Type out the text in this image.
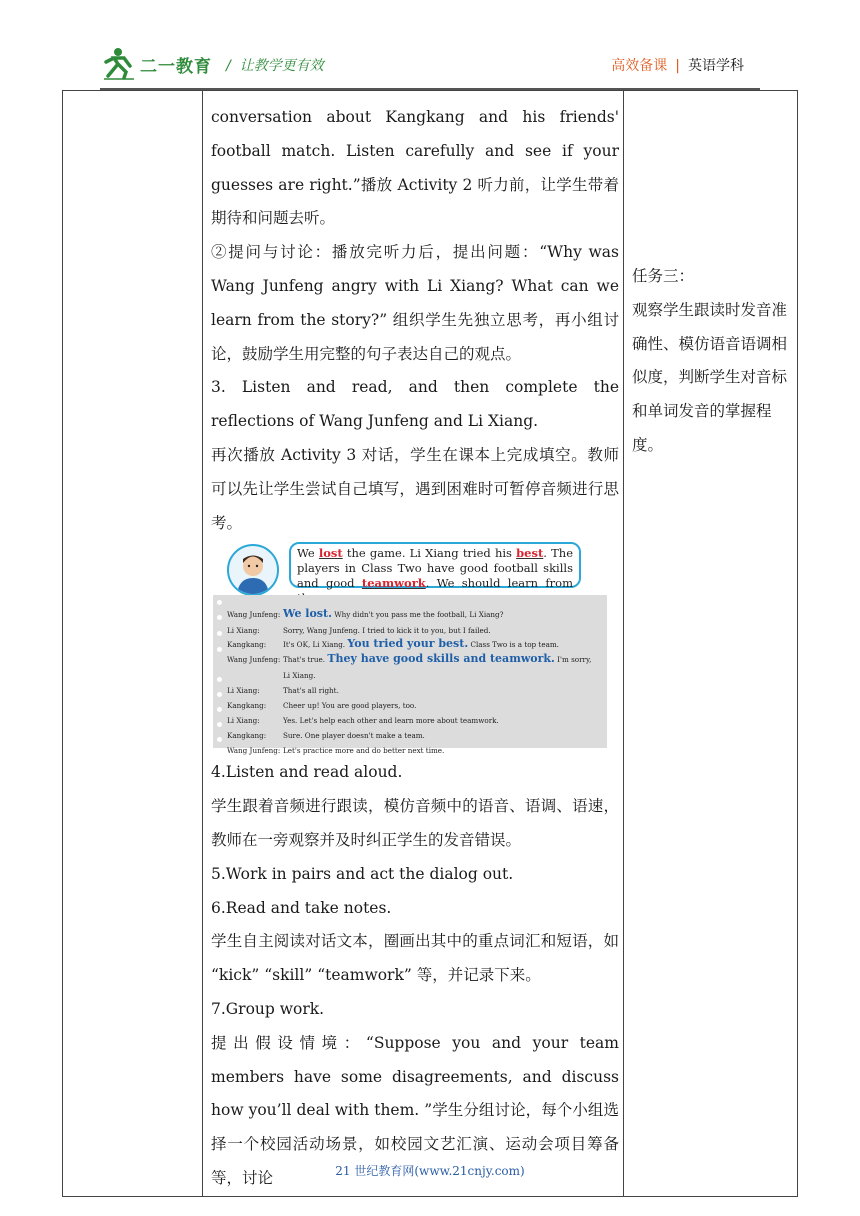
二一教育 /  让教学更有效	高效备课 | 英语学科

conversation about Kangkang and his friends' football match. Listen carefully and see if your guesses are right.”播放 Activity 2 听力前，让学生带着期待和问题去听。

②提问与讨论：播放完听力后，提出问题：“Why was Wang Junfeng angry with Li Xiang? What can we learn from the story?” 组织学生先独立思考，再小组讨论，鼓励学生用完整的句子表达自己的观点。

3. Listen and read, and then complete the reflections of Wang Junfeng and Li Xiang.

再次播放 Activity 3 对话，学生在课本上完成填空。教师可以先让学生尝试自己填写，遇到困难时可暂停音频进行思考。

We lost the game. Li Xiang tried his best. The players in Class Two have good football skills and good teamwork. We should learn from
Wang Junfeng: We lost. Why didn't you pass me the football, Li Xiang?
Li Xiang:	Sorry, Wang Junfeng. I tried to kick it to you, but I failed.
Kangkang: It's OK, Li Xiang. You tried your best. Class Two is a top team.
Wang Junfeng: That's true. They have good skills and teamwork. I'm sorry,
Li Xiang.
Li Xiang:	That's all right.
Kangkang: Cheer up! You are good players, too.
Li Xiang:	Yes. Let's help each other and learn more about teamwork.
Kangkang: Sure. One player doesn't make a team.
Wang Junfeng: Let's practice more and do better next time.

4.Listen and read aloud.

学生跟着音频进行跟读，模仿音频中的语音、语调、语速，教师在一旁观察并及时纠正学生的发音错误。

5.Work in pairs and act the dialog out.

6.Read and take notes.

学生自主阅读对话文本，圈画出其中的重点词汇和短语，如 “kick” “skill” “teamwork” 等，并记录下来。

7.Group work.

提出假设情境：“Suppose you and your team members have some disagreements, and discuss how you’ll deal with them. ”学生分组讨论，每个小组选择一个校园活动场景，如校园文艺汇演、运动会项目筹备等，讨论

任务三：

观察学生跟读时发音准确性、模仿语音语调相似度，判断学生对音标和单词发音的掌握程度。

21 世纪教育网(www.21cnjy.com)
